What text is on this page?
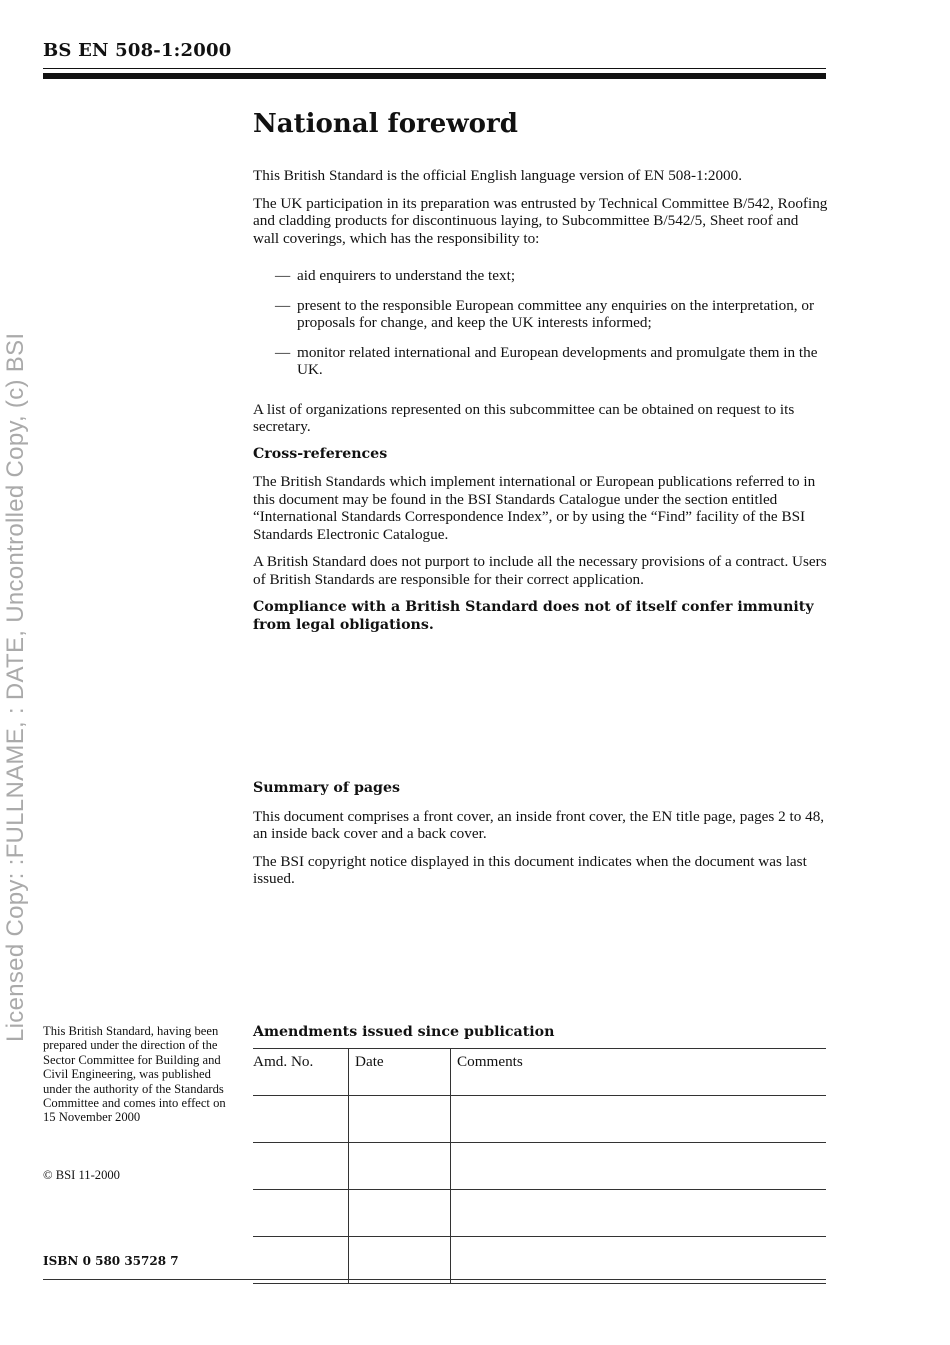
BS EN 508-1:2000
Licensed Copy: :FULLNAME, : DATE, Uncontrolled Copy, (c) BSI
National foreword

This British Standard is the official English language version of EN 508-1:2000.

The UK participation in its preparation was entrusted by Technical Committee B/542, Roofing and cladding products for discontinuous laying, to Subcommittee B/542/5, Sheet roof and wall coverings, which has the responsibility to:

— aid enquirers to understand the text;
— present to the responsible European committee any enquiries on the interpretation, or proposals for change, and keep the UK interests informed;
— monitor related international and European developments and promulgate them in the UK.

A list of organizations represented on this subcommittee can be obtained on request to its secretary.

Cross-references

The British Standards which implement international or European publications referred to in this document may be found in the BSI Standards Catalogue under the section entitled “International Standards Correspondence Index”, or by using the “Find” facility of the BSI Standards Electronic Catalogue.

A British Standard does not purport to include all the necessary provisions of a contract. Users of British Standards are responsible for their correct application.

Compliance with a British Standard does not of itself confer immunity from legal obligations.

Summary of pages

This document comprises a front cover, an inside front cover, the EN title page, pages 2 to 48, an inside back cover and a back cover.

The BSI copyright notice displayed in this document indicates when the document was last issued.

This British Standard, having been prepared under the direction of the Sector Committee for Building and Civil Engineering, was published under the authority of the Standards Committee and comes into effect on 15 November 2000
© BSI 11-2000
ISBN 0 580 35728 7
Amendments issued since publication
Amd. No.	Date	Comments
